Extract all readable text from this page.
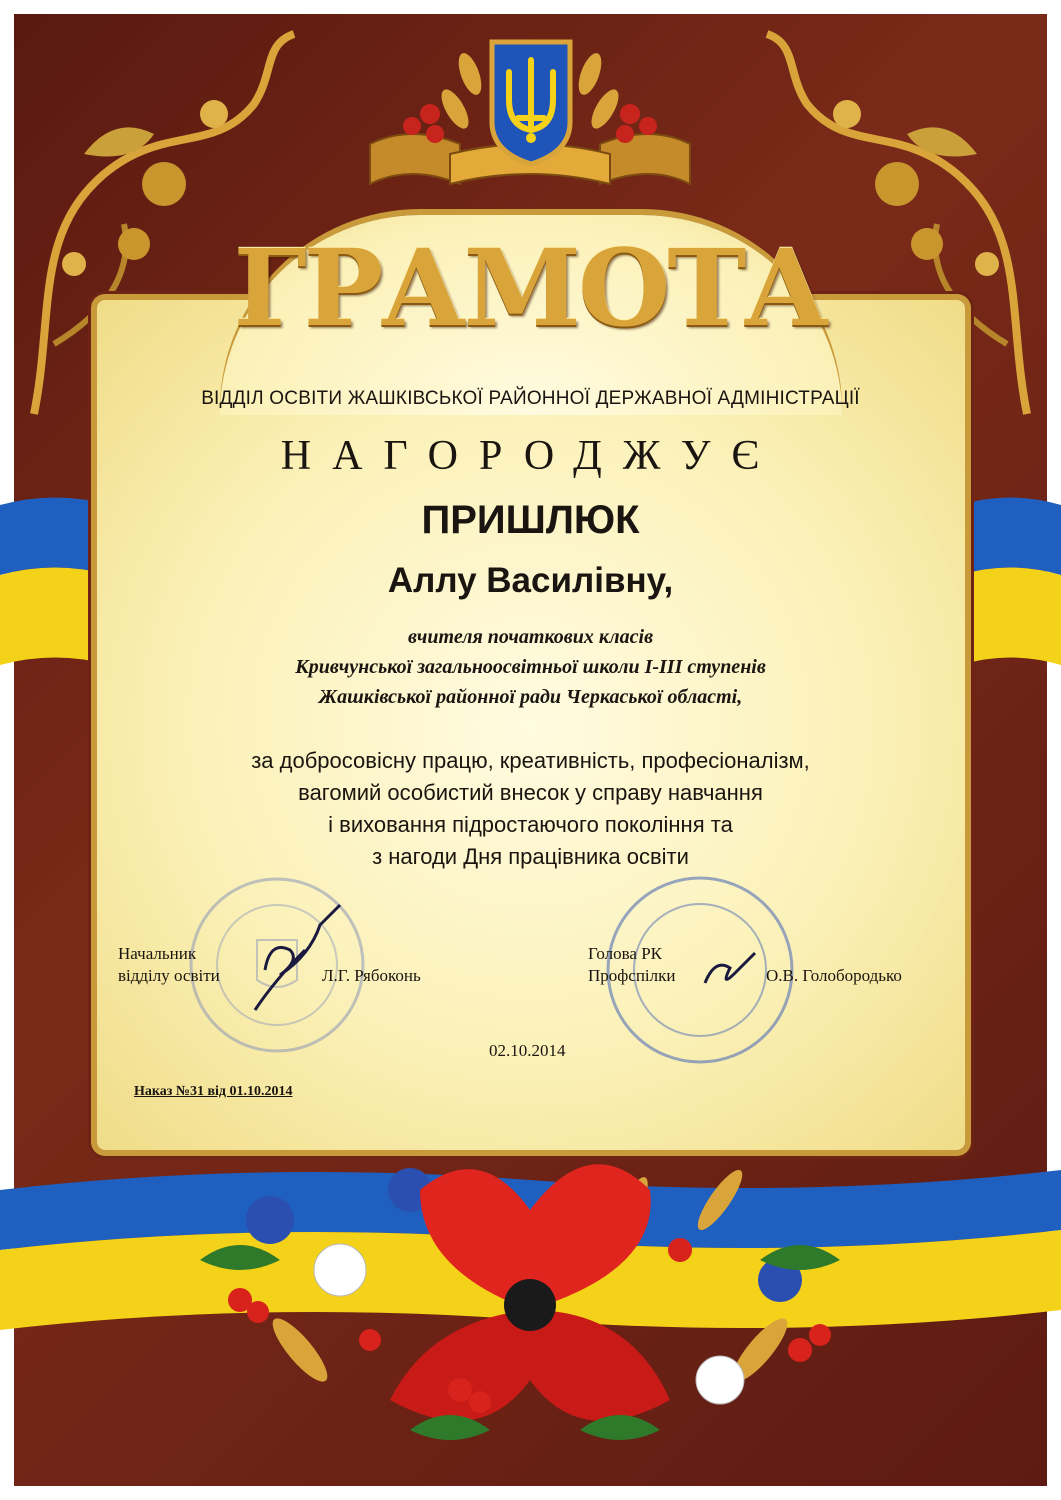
ГРАМОТА
ВІДДІЛ ОСВІТИ ЖАШКІВСЬКОЇ РАЙОННОЇ ДЕРЖАВНОЇ АДМІНІСТРАЦІЇ
НАГОРОДЖУЄ
ПРИШЛЮК
Аллу Василівну,
вчителя початкових класів
Кривчунської загальноосвітньої школи І-ІІІ ступенів
Жашківської районної ради Черкаської області,
за добросовісну працю, креативність, професіоналізм,
вагомий особистий внесок у справу навчання
і виховання підростаючого покоління та
з нагоди Дня працівника освіти
Начальник
відділу освіти	Л.Г. Рябоконь
Голова РК
Профспілки	О.В. Голобородько
02.10.2014
Наказ №31 від 01.10.2014
